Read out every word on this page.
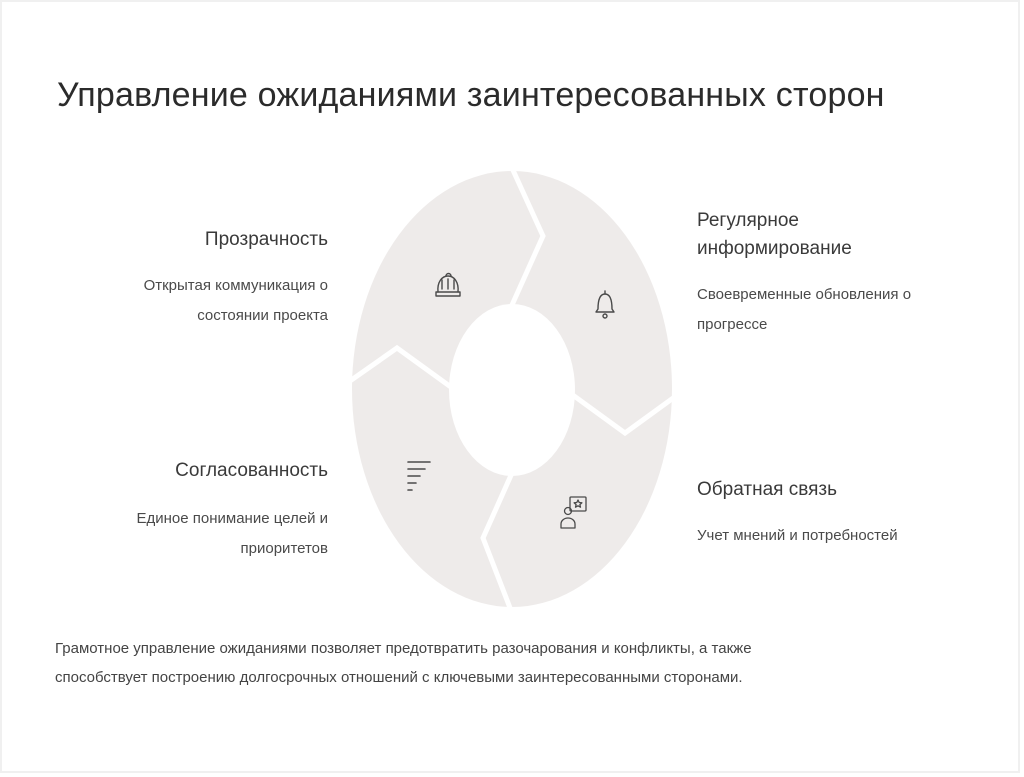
Управление ожиданиями заинтересованных сторон
Прозрачность
Открытая коммуникация о
состоянии проекта
Регулярное
информирование
Своевременные обновления о
прогрессе
Согласованность
Единое понимание целей и
приоритетов
Обратная связь
Учет мнений и потребностей
Грамотное управление ожиданиями позволяет предотвратить разочарования и конфликты, а также
способствует построению долгосрочных отношений с ключевыми заинтересованными сторонами.
